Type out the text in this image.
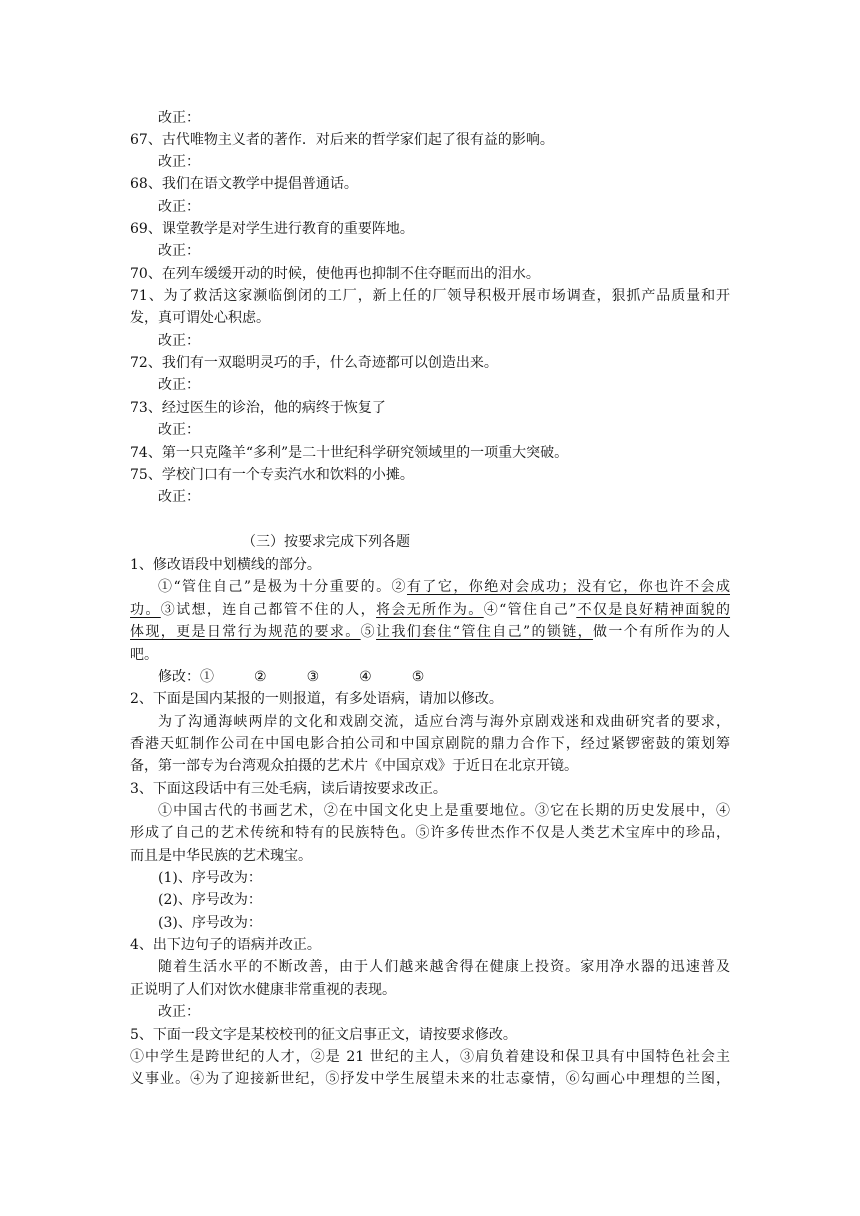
改正：
67、古代唯物主义者的著作．对后来的哲学家们起了很有益的影响。
改正：
68、我们在语文教学中提倡普通话。
改正：
69、课堂教学是对学生进行教育的重要阵地。
改正：
70、在列车缓缓开动的时候，使他再也抑制不住夺眶而出的泪水。
71、为了救活这家濒临倒闭的工厂，新上任的厂领导积极开展市场调查，狠抓产品质量和开
发，真可谓处心积虑。
改正：
72、我们有一双聪明灵巧的手，什么奇迹都可以创造出来。
改正：
73、经过医生的诊治，他的病终于恢复了
改正：
74、第一只克隆羊“多利”是二十世纪科学研究领域里的一项重大突破。
75、学校门口有一个专卖汽水和饮料的小摊。
改正：
（三）按要求完成下列各题
1、修改语段中划横线的部分。
①“管住自己”是极为十分重要的。②有了它，你绝对会成功；没有它，你也许不会成
功。③试想，连自己都管不住的人，将会无所作为。④“管住自己”不仅是良好精神面貌的
体现，更是日常行为规范的要求。⑤让我们套住“管住自己”的锁链，做一个有所作为的人
吧。
修改：①	②	③	④	⑤
2、下面是国内某报的一则报道，有多处语病，请加以修改。
为了沟通海峡两岸的文化和戏剧交流，适应台湾与海外京剧戏迷和戏曲研究者的要求，
香港天虹制作公司在中国电影合拍公司和中国京剧院的鼎力合作下，经过紧锣密鼓的策划筹
备，第一部专为台湾观众拍摄的艺术片《中国京戏》于近日在北京开镜。
3、下面这段话中有三处毛病，读后请按要求改正。
①中国古代的书画艺术，②在中国文化史上是重要地位。③它在长期的历史发展中，④
形成了自己的艺术传统和特有的民族特色。⑤许多传世杰作不仅是人类艺术宝库中的珍品，
而且是中华民族的艺术瑰宝。
(1)、序号改为：
(2)、序号改为：
(3)、序号改为：
4、出下边句子的语病并改正。
随着生活水平的不断改善，由于人们越来越舍得在健康上投资。家用净水器的迅速普及
正说明了人们对饮水健康非常重视的表现。
改正：
5、下面一段文字是某校校刊的征文启事正文，请按要求修改。
①中学生是跨世纪的人才，②是 21 世纪的主人，③肩负着建设和保卫具有中国特色社会主
义事业。④为了迎接新世纪，⑤抒发中学生展望未来的壮志豪情，⑥勾画心中理想的兰图，
